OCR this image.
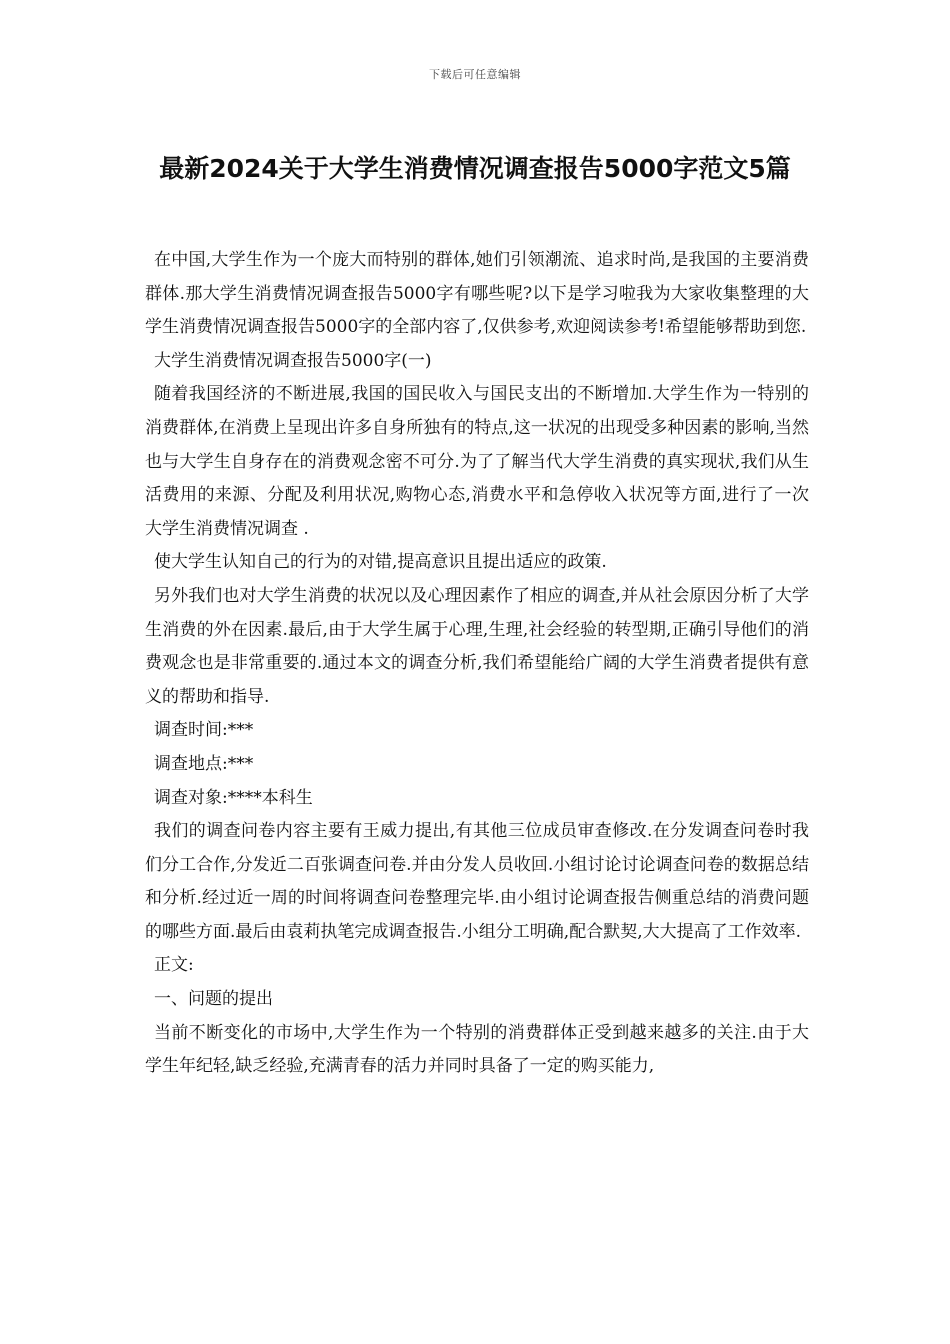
下载后可任意编辑
最新2024关于大学生消费情况调查报告5000字范文5篇

在中国,大学生作为一个庞大而特别的群体,她们引领潮流、追求时尚,是我国的主要消费群体.那大学生消费情况调查报告5000字有哪些呢?以下是学习啦我为大家收集整理的大学生消费情况调查报告5000字的全部内容了,仅供参考,欢迎阅读参考!希望能够帮助到您.

大学生消费情况调查报告5000字(一)

随着我国经济的不断进展,我国的国民收入与国民支出的不断增加.大学生作为一特别的消费群体,在消费上呈现出许多自身所独有的特点,这一状况的出现受多种因素的影响,当然也与大学生自身存在的消费观念密不可分.为了了解当代大学生消费的真实现状,我们从生活费用的来源、分配及利用状况,购物心态,消费水平和急停收入状况等方面,进行了一次 大学生消费情况调查 .

使大学生认知自己的行为的对错,提高意识且提出适应的政策.

另外我们也对大学生消费的状况以及心理因素作了相应的调查,并从社会原因分析了大学生消费的外在因素.最后,由于大学生属于心理,生理,社会经验的转型期,正确引导他们的消费观念也是非常重要的.通过本文的调查分析,我们希望能给广阔的大学生消费者提供有意义的帮助和指导.

调查时间:***

调查地点:***

调查对象:****本科生

我们的调查问卷内容主要有王威力提出,有其他三位成员审查修改.在分发调查问卷时我们分工合作,分发近二百张调查问卷.并由分发人员收回.小组讨论讨论调查问卷的数据总结和分析.经过近一周的时间将调查问卷整理完毕.由小组讨论调查报告侧重总结的消费问题的哪些方面.最后由袁莉执笔完成调查报告.小组分工明确,配合默契,大大提高了工作效率.

正文:

一、问题的提出

当前不断变化的市场中,大学生作为一个特别的消费群体正受到越来越多的关注.由于大学生年纪轻,缺乏经验,充满青春的活力并同时具备了一定的购买能力,
